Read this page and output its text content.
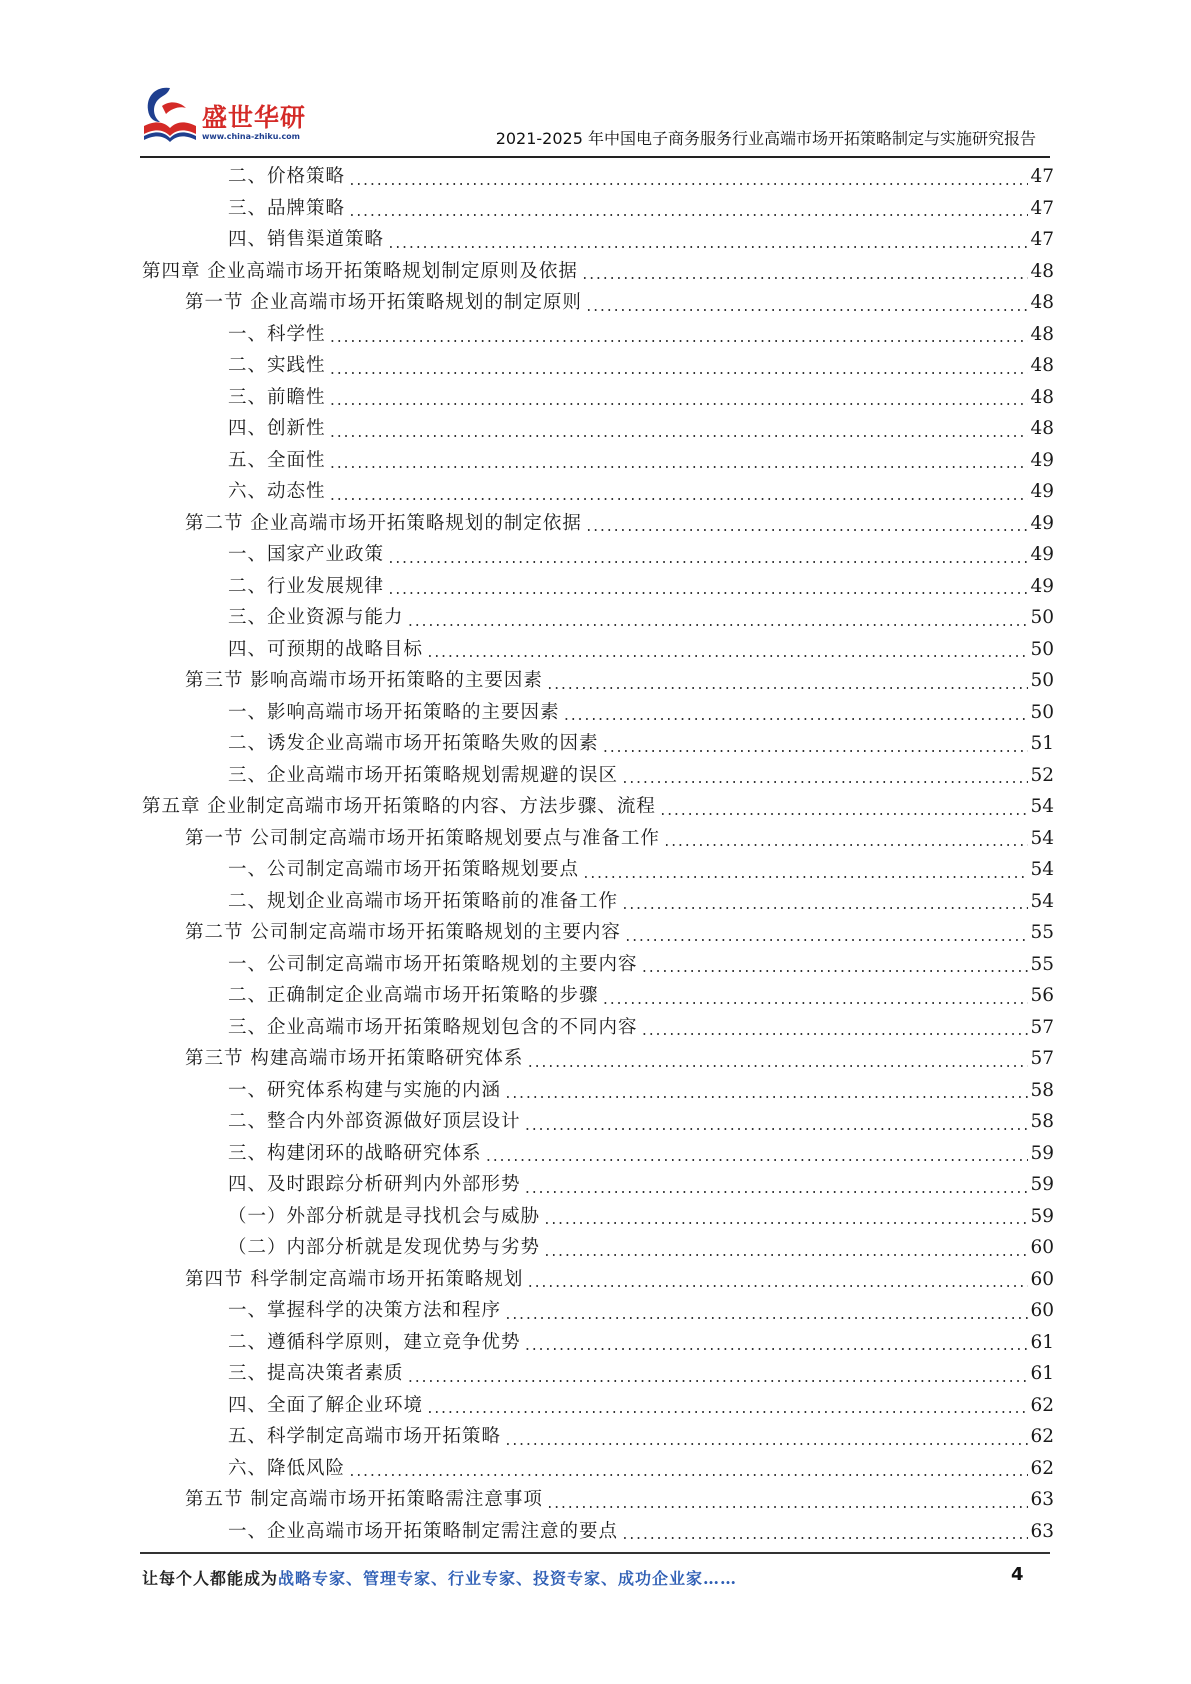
盛世华研
www.china-zhiku.com	2021-2025 年中国电子商务服务行业高端市场开拓策略制定与实施研究报告
二、价格策略 .....	47
三、品牌策略 .....	47
四、销售渠道策略 .....	47
第四章 企业高端市场开拓策略规划制定原则及依据 .....	48
第一节 企业高端市场开拓策略规划的制定原则 .....	48
一、科学性 .....	48
二、实践性 .....	48
三、前瞻性 .....	48
四、创新性 .....	48
五、全面性 .....	49
六、动态性 .....	49
第二节 企业高端市场开拓策略规划的制定依据 .....	49
一、国家产业政策 .....	49
二、行业发展规律 .....	49
三、企业资源与能力 .....	50
四、可预期的战略目标 .....	50
第三节 影响高端市场开拓策略的主要因素 .....	50
一、影响高端市场开拓策略的主要因素 .....	50
二、诱发企业高端市场开拓策略失败的因素 .....	51
三、企业高端市场开拓策略规划需规避的误区 .....	52
第五章 企业制定高端市场开拓策略的内容、方法步骤、流程 .....	54
第一节 公司制定高端市场开拓策略规划要点与准备工作 .....	54
一、公司制定高端市场开拓策略规划要点 .....	54
二、规划企业高端市场开拓策略前的准备工作 .....	54
第二节 公司制定高端市场开拓策略规划的主要内容 .....	55
一、公司制定高端市场开拓策略规划的主要内容 .....	55
二、正确制定企业高端市场开拓策略的步骤 .....	56
三、企业高端市场开拓策略规划包含的不同内容 .....	57
第三节 构建高端市场开拓策略研究体系 .....	57
一、研究体系构建与实施的内涵 .....	58
二、整合内外部资源做好顶层设计 .....	58
三、构建闭环的战略研究体系 .....	59
四、及时跟踪分析研判内外部形势 .....	59
（一）外部分析就是寻找机会与威胁 .....	59
（二）内部分析就是发现优势与劣势 .....	60
第四节 科学制定高端市场开拓策略规划 .....	60
一、掌握科学的决策方法和程序 .....	60
二、遵循科学原则，建立竞争优势 .....	61
三、提高决策者素质 .....	61
四、全面了解企业环境 .....	62
五、科学制定高端市场开拓策略 .....	62
六、降低风险 .....	62
第五节 制定高端市场开拓策略需注意事项 .....	63
一、企业高端市场开拓策略制定需注意的要点 .....	63
让每个人都能成为战略专家、管理专家、行业专家、投资专家、成功企业家……	4
